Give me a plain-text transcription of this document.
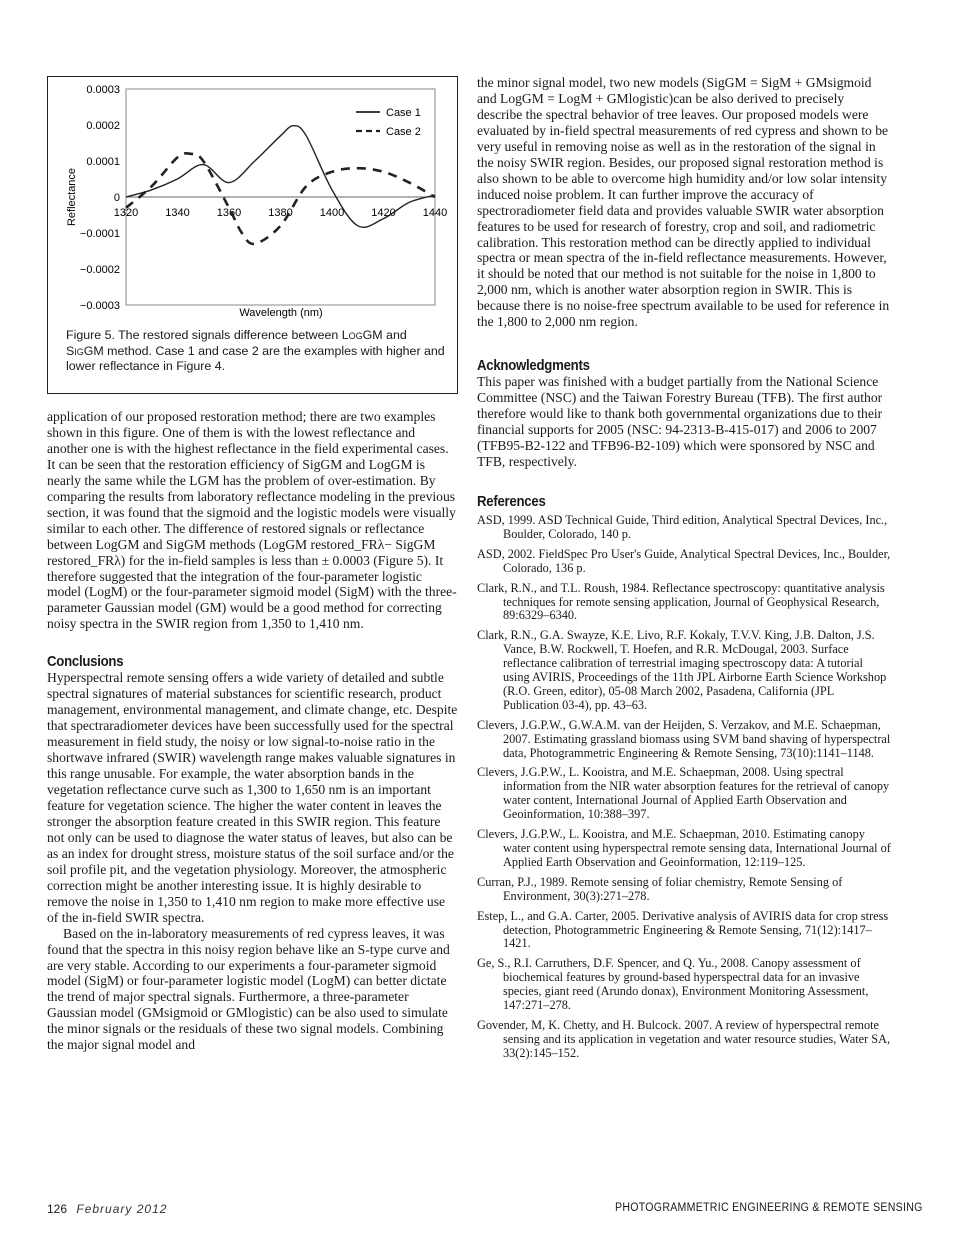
Reflectance
Wavelength (nm)
0.0003
0.0002
0.0001
0
−0.0001
−0.0002
−0.0003
1320 1340 1360 1380 1400 1420 1440
Case 1
Case 2
Figure 5. The restored signals difference between LogGM and SigGM method. Case 1 and case 2 are the examples with higher and lower reflectance in Figure 4.

application of our proposed restoration method; there are two examples shown in this figure. One of them is with the lowest reflectance and another one is with the highest reflectance in the field experimental cases. It can be seen that the restoration efficiency of SigGM and LogGM is nearly the same while the LGM has the problem of over-estimation. By comparing the results from laboratory reflectance modeling in the previous section, it was found that the sigmoid and the logistic models were visually similar to each other. The difference of restored signals or reflectance between LogGM and SigGM methods (LogGM restored_FRλ− SigGM restored_FRλ) for the in-field samples is less than ± 0.0003 (Figure 5). It therefore suggested that the integration of the four-parameter logistic model (LogM) or the four-parameter sigmoid model (SigM) with the three-parameter Gaussian model (GM) would be a good method for correcting noisy spectra in the SWIR region from 1,350 to 1,410 nm.

Conclusions

Hyperspectral remote sensing offers a wide variety of detailed and subtle spectral signatures of material substances for scientific research, product management, environmental management, and climate change, etc. Despite that spectraradiometer devices have been successfully used for the spectral measurement in field study, the noisy or low signal-to-noise ratio in the shortwave infrared (SWIR) wavelength range makes valuable signatures in this range unusable. For example, the water absorption bands in the vegetation reflectance curve such as 1,300 to 1,650 nm is an important feature for vegetation science. The higher the water content in leaves the stronger the absorption feature created in this SWIR region. This feature not only can be used to diagnose the water status of leaves, but also can be as an index for drought stress, moisture status of the soil surface and/or the soil profile pit, and the vegetation physiology. Moreover, the atmospheric correction might be another interesting issue. It is highly desirable to remove the noise in 1,350 to 1,410 nm region to make more effective use of the in-field SWIR spectra.

Based on the in-laboratory measurements of red cypress leaves, it was found that the spectra in this noisy region behave like an S-type curve and are very stable. According to our experiments a four-parameter sigmoid model (SigM) or four-parameter logistic model (LogM) can better dictate the trend of major spectral signals. Furthermore, a three-parameter Gaussian model (GMsigmoid or GMlogistic) can be also used to simulate the minor signals or the residuals of these two signal models. Combining the major signal model and

the minor signal model, two new models (SigGM = SigM + GMsigmoid and LogGM = LogM + GMlogistic)can be also derived to precisely describe the spectral behavior of tree leaves. Our proposed models were evaluated by in-field spectral measurements of red cypress and shown to be very useful in removing noise as well as in the restoration of the signal in the noisy SWIR region. Besides, our proposed signal restoration method is also shown to be able to overcome high humidity and/or low solar intensity induced noise problem. It can further improve the accuracy of spectroradiometer field data and provides valuable SWIR water absorption features to be used for research of forestry, crop and soil, and radiometric calibration. This restoration method can be directly applied to individual spectra or mean spectra of the in-field reflectance measurements. However, it should be noted that our method is not suitable for the noise in 1,800 to 2,000 nm, which is another water absorption region in SWIR. This is because there is no noise-free spectrum available to be used for reference in the 1,800 to 2,000 nm region.

Acknowledgments

This paper was finished with a budget partially from the National Science Committee (NSC) and the Taiwan Forestry Bureau (TFB). The first author therefore would like to thank both governmental organizations due to their financial supports for 2005 (NSC: 94-2313-B-415-017) and 2006 to 2007 (TFB95-B2-122 and TFB96-B2-109) which were sponsored by NSC and TFB, respectively.

References

ASD, 1999. ASD Technical Guide, Third edition, Analytical Spectral Devices, Inc., Boulder, Colorado, 140 p.

ASD, 2002. FieldSpec Pro User's Guide, Analytical Spectral Devices, Inc., Boulder, Colorado, 136 p.

Clark, R.N., and T.L. Roush, 1984. Reflectance spectroscopy: quantitative analysis techniques for remote sensing application, Journal of Geophysical Research, 89:6329–6340.

Clark, R.N., G.A. Swayze, K.E. Livo, R.F. Kokaly, T.V.V. King, J.B. Dalton, J.S. Vance, B.W. Rockwell, T. Hoefen, and R.R. McDougal, 2003. Surface reflectance calibration of terrestrial imaging spectroscopy data: A tutorial using AVIRIS, Proceedings of the 11th JPL Airborne Earth Science Workshop (R.O. Green, editor), 05-08 March 2002, Pasadena, California (JPL Publication 03-4), pp. 43–63.

Clevers, J.G.P.W., G.W.A.M. van der Heijden, S. Verzakov, and M.E. Schaepman, 2007. Estimating grassland biomass using SVM band shaving of hyperspectral data, Photogrammetric Engineering & Remote Sensing, 73(10):1141–1148.

Clevers, J.G.P.W., L. Kooistra, and M.E. Schaepman, 2008. Using spectral information from the NIR water absorption features for the retrieval of canopy water content, International Journal of Applied Earth Observation and Geoinformation, 10:388–397.

Clevers, J.G.P.W., L. Kooistra, and M.E. Schaepman, 2010. Estimating canopy water content using hyperspectral remote sensing data, International Journal of Applied Earth Observation and Geoinformation, 12:119–125.

Curran, P.J., 1989. Remote sensing of foliar chemistry, Remote Sensing of Environment, 30(3):271–278.

Estep, L., and G.A. Carter, 2005. Derivative analysis of AVIRIS data for crop stress detection, Photogrammetric Engineering & Remote Sensing, 71(12):1417–1421.

Ge, S., R.I. Carruthers, D.F. Spencer, and Q. Yu., 2008. Canopy assessment of biochemical features by ground-based hyperspectral data for an invasive species, giant reed (Arundo donax), Environment Monitoring Assessment, 147:271–278.

Govender, M, K. Chetty, and H. Bulcock. 2007. A review of hyperspectral remote sensing and its application in vegetation and water resource studies, Water SA, 33(2):145–152.

126 February 2012	PHOTOGRAMMETRIC ENGINEERING & REMOTE SENSING
